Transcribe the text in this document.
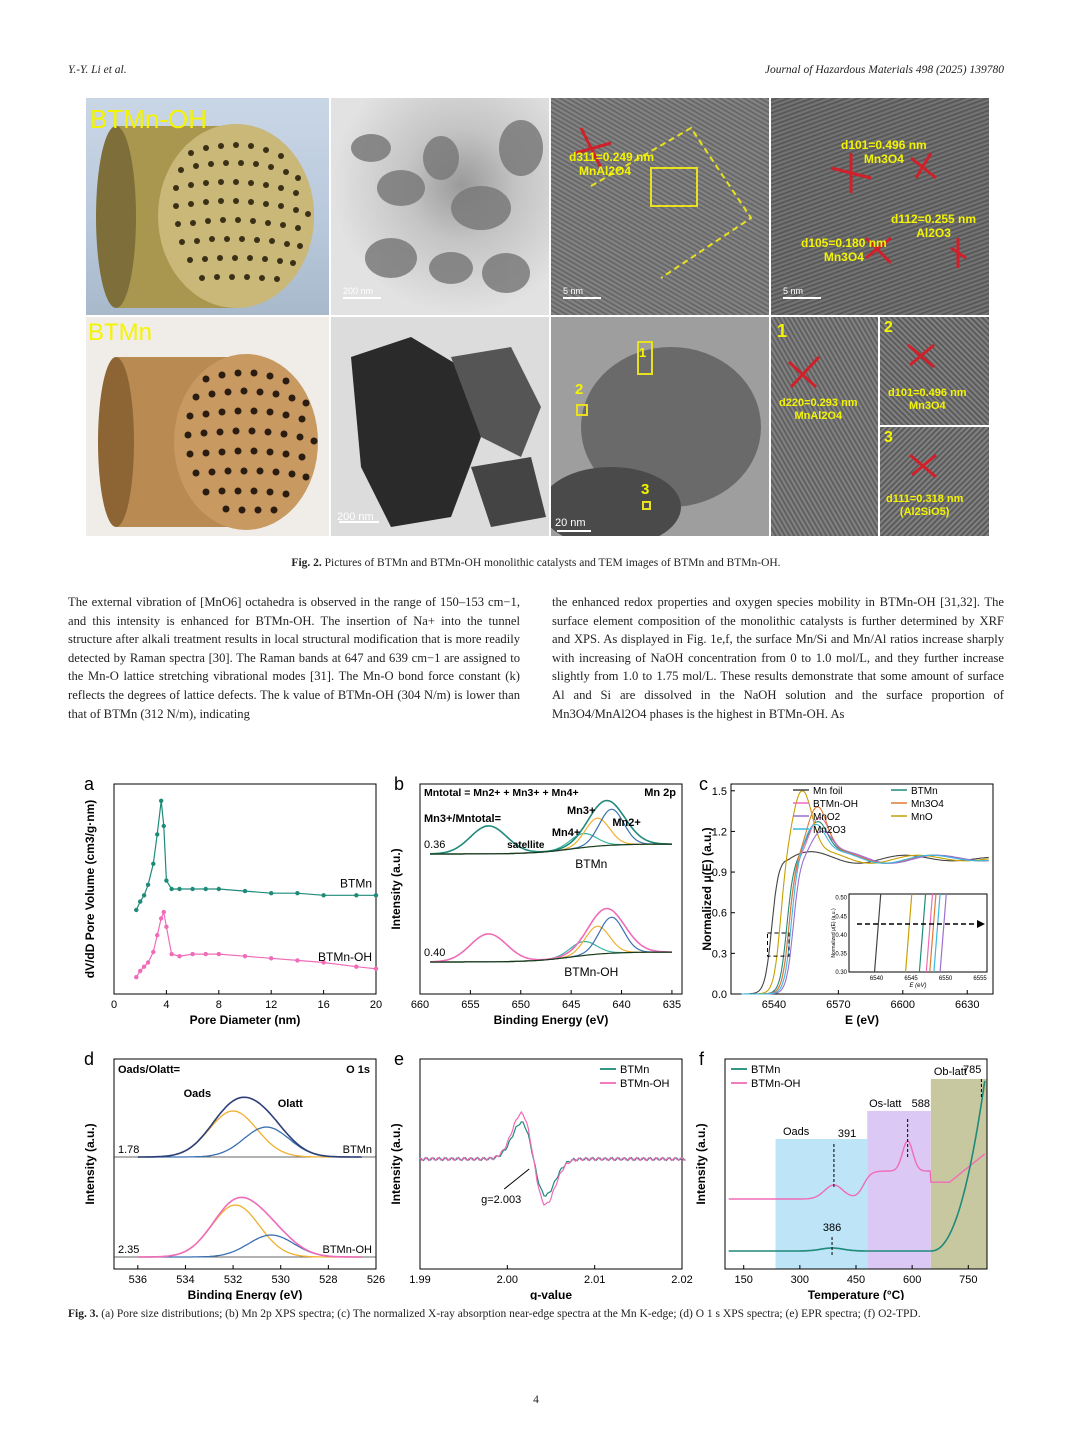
Y.-Y. Li et al.	Journal of Hazardous Materials 498 (2025) 139780
BTMn-OH
200 nm
d311=0.249 nm
MnAl2O4
5 nm
d101=0.496 nm
Mn3O4
d112=0.255 nm
Al2O3
d105=0.180 nm
Mn3O4
5 nm
BTMn
200 nm
1
2
3
20 nm
1
d220=0.293 nm
MnAl2O4
2
d101=0.496 nm
Mn3O4
3
d111=0.318 nm
(Al2SiO5)
Fig. 2. Pictures of BTMn and BTMn-OH monolithic catalysts and TEM images of BTMn and BTMn-OH.
The external vibration of [MnO6] octahedra is observed in the range of 150–153 cm−1, and this intensity is enhanced for BTMn-OH. The insertion of Na+ into the tunnel structure after alkali treatment results in local structural modification that is more readily detected by Raman spectra [30]. The Raman bands at 647 and 639 cm−1 are assigned to the Mn-O lattice stretching vibrational modes [31]. The Mn-O bond force constant (k) reflects the degrees of lattice defects. The k value of BTMn-OH (304 N/m) is lower than that of BTMn (312 N/m), indicating
the enhanced redox properties and oxygen species mobility in BTMn-OH [31,32]. The surface element composition of the monolithic catalysts is further determined by XRF and XPS. As displayed in Fig. 1e,f, the surface Mn/Si and Mn/Al ratios increase sharply with increasing of NaOH concentration from 0 to 1.0 mol/L, and they further increase slightly from 1.0 to 1.75 mol/L. These results demonstrate that some amount of surface Al and Si are dissolved in the NaOH solution and the surface proportion of Mn3O4/MnAl2O4 phases is the highest in BTMn-OH. As
a
0	4	8	12	16	20
Pore Diameter (nm)
dV/dD Pore Volume (cm3/g·nm)	BTMn
BTMn-OH
b
660	655	650	645	640	635
Binding Energy (eV)
Intensity (a.u.)	BTMn
BTMn-OH
Mntotal = Mn2+ + Mn3+ + Mn4+	Mn 2p
Mn3+/Mntotal=
0.36
0.40
Mn3+
Mn2+
Mn4+
satellite
c
6540	6570	6600	6630
E (eV)
Normalized μ(E) (a.u.)
0.0
0.3
0.6
0.9
1.2
1.5	Mn foil	BTMn
BTMn-OH	Mn3O4
MnO2	MnO
Mn2O3
6540	6545	6550	6555
0.30
0.35
0.40
0.45
0.50
E (eV)
Normalized μ(E) (a.u.)
d
536	534	532	530	528	526
Binding Energy (eV)
Intensity (a.u.)	BTMn
BTMn-OH
Oads/Olatt=	O 1s
1.78
2.35
Oads
Olatt
e
1.99	2.00	2.01	2.02
g-value
Intensity (a.u.)
BTMn
BTMn-OH
g=2.003
f
150	300	450	600	750
Temperature (°C)
Intensity (a.u.)
BTMn
BTMn-OH
Oads
Os-latt
Ob-latt
391
386
588
785
Fig. 3. (a) Pore size distributions; (b) Mn 2p XPS spectra; (c) The normalized X-ray absorption near-edge spectra at the Mn K-edge; (d) O 1 s XPS spectra; (e) EPR spectra; (f) O2-TPD.
4
